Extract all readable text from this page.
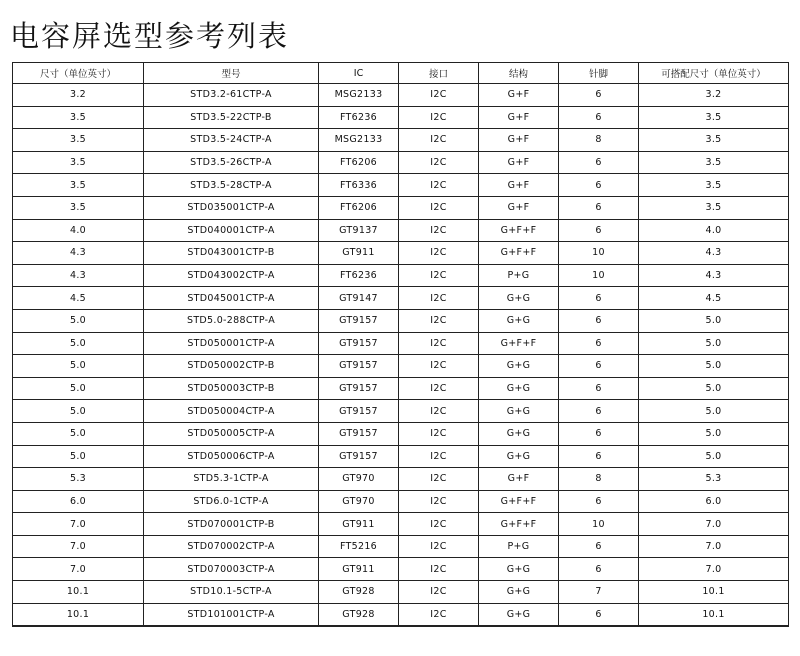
电容屏选型参考列表
尺寸（单位英寸）	型号	IC	接口	结构	针脚	可搭配尺寸（单位英寸）
3.2	STD3.2-61CTP-A	MSG2133	I2C	G+F	6	3.2
3.5	STD3.5-22CTP-B	FT6236	I2C	G+F	6	3.5
3.5	STD3.5-24CTP-A	MSG2133	I2C	G+F	8	3.5
3.5	STD3.5-26CTP-A	FT6206	I2C	G+F	6	3.5
3.5	STD3.5-28CTP-A	FT6336	I2C	G+F	6	3.5
3.5	STD035001CTP-A	FT6206	I2C	G+F	6	3.5
4.0	STD040001CTP-A	GT9137	I2C	G+F+F	6	4.0
4.3	STD043001CTP-B	GT911	I2C	G+F+F	10	4.3
4.3	STD043002CTP-A	FT6236	I2C	P+G	10	4.3
4.5	STD045001CTP-A	GT9147	I2C	G+G	6	4.5
5.0	STD5.0-288CTP-A	GT9157	I2C	G+G	6	5.0
5.0	STD050001CTP-A	GT9157	I2C	G+F+F	6	5.0
5.0	STD050002CTP-B	GT9157	I2C	G+G	6	5.0
5.0	STD050003CTP-B	GT9157	I2C	G+G	6	5.0
5.0	STD050004CTP-A	GT9157	I2C	G+G	6	5.0
5.0	STD050005CTP-A	GT9157	I2C	G+G	6	5.0
5.0	STD050006CTP-A	GT9157	I2C	G+G	6	5.0
5.3	STD5.3-1CTP-A	GT970	I2C	G+F	8	5.3
6.0	STD6.0-1CTP-A	GT970	I2C	G+F+F	6	6.0
7.0	STD070001CTP-B	GT911	I2C	G+F+F	10	7.0
7.0	STD070002CTP-A	FT5216	I2C	P+G	6	7.0
7.0	STD070003CTP-A	GT911	I2C	G+G	6	7.0
10.1	STD10.1-5CTP-A	GT928	I2C	G+G	7	10.1
10.1	STD101001CTP-A	GT928	I2C	G+G	6	10.1
